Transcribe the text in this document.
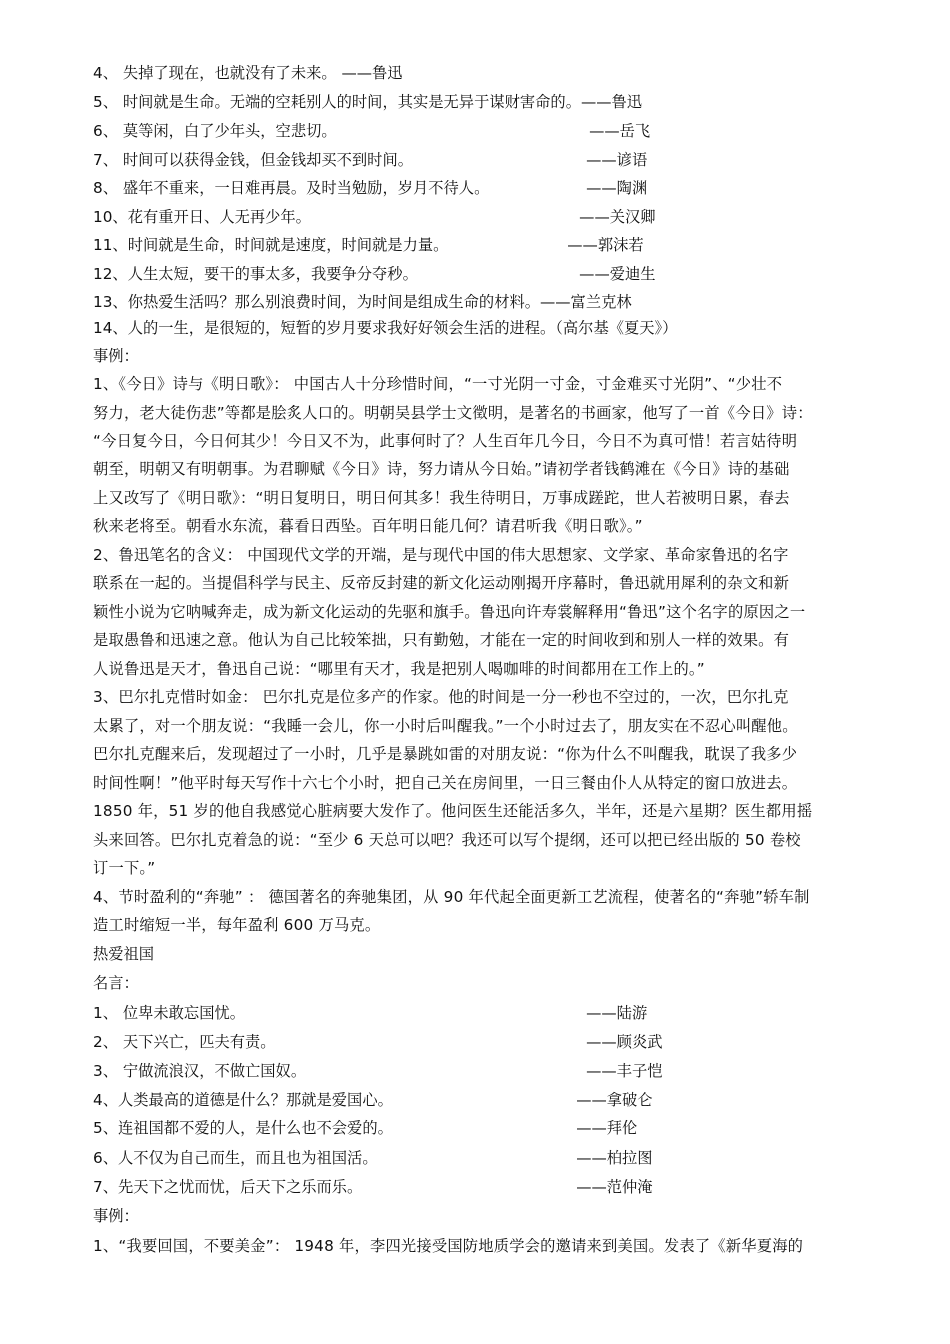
4、 失掉了现在，也就没有了未来。 ——鲁迅
5、 时间就是生命。无端的空耗别人的时间，其实是无异于谋财害命的。——鲁迅
6、 莫等闲，白了少年头，空悲切。	——岳飞
7、 时间可以获得金钱，但金钱却买不到时间。	——谚语
8、 盛年不重来，一日难再晨。及时当勉励，岁月不待人。	——陶渊
10、花有重开日、人无再少年。	——关汉卿
11、时间就是生命，时间就是速度，时间就是力量。	——郭沫若
12、人生太短，要干的事太多，我要争分夺秒。	——爱迪生
13、你热爱生活吗？那么别浪费时间，为时间是组成生命的材料。——富兰克林
14、人的一生，是很短的，短暂的岁月要求我好好领会生活的进程。（高尔基《夏天》）
事例：
1、《今日》诗与《明日歌》： 中国古人十分珍惜时间，“一寸光阴一寸金，寸金难买寸光阴”、“少壮不
努力，老大徒伤悲”等都是脍炙人口的。明朝吴县学士文徵明，是著名的书画家，他写了一首《今日》诗：
“今日复今日，今日何其少！今日又不为，此事何时了？人生百年几今日，今日不为真可惜！若言姑待明
朝至，明朝又有明朝事。为君聊赋《今日》诗，努力请从今日始。”请初学者钱鹤滩在《今日》诗的基础
上又改写了《明日歌》：“明日复明日，明日何其多！我生待明日，万事成蹉跎，世人若被明日累，春去
秋来老将至。朝看水东流，暮看日西坠。百年明日能几何？请君听我《明日歌》。”
2、鲁迅笔名的含义： 中国现代文学的开端，是与现代中国的伟大思想家、文学家、革命家鲁迅的名字
联系在一起的。当提倡科学与民主、反帝反封建的新文化运动刚揭开序幕时，鲁迅就用犀利的杂文和新
颖性小说为它呐喊奔走，成为新文化运动的先驱和旗手。鲁迅向许寿裳解释用“鲁迅”这个名字的原因之一
是取愚鲁和迅速之意。他认为自己比较笨拙，只有勤勉，才能在一定的时间收到和别人一样的效果。有
人说鲁迅是天才，鲁迅自己说：“哪里有天才，我是把别人喝咖啡的时间都用在工作上的。”
3、巴尔扎克惜时如金： 巴尔扎克是位多产的作家。他的时间是一分一秒也不空过的，一次，巴尔扎克
太累了，对一个朋友说：“我睡一会儿，你一小时后叫醒我。”一个小时过去了，朋友实在不忍心叫醒他。
巴尔扎克醒来后，发现超过了一小时，几乎是暴跳如雷的对朋友说：“你为什么不叫醒我，耽误了我多少
时间性啊！”他平时每天写作十六七个小时，把自己关在房间里，一日三餐由仆人从特定的窗口放进去。
1850 年，51 岁的他自我感觉心脏病要大发作了。他问医生还能活多久，半年，还是六星期？医生都用摇
头来回答。巴尔扎克着急的说：“至少 6 天总可以吧？我还可以写个提纲，还可以把已经出版的 50 卷校
订一下。”
4、节时盈利的“奔驰” ： 德国著名的奔驰集团，从 90 年代起全面更新工艺流程，使著名的“奔驰”轿车制
造工时缩短一半，每年盈利 600 万马克。
热爱祖国
名言：
1、 位卑未敢忘国忧。	——陆游
2、 天下兴亡，匹夫有责。	——顾炎武
3、 宁做流浪汉，不做亡国奴。	——丰子恺
4、人类最高的道德是什么？那就是爱国心。	——拿破仑
5、连祖国都不爱的人，是什么也不会爱的。	——拜伦
6、人不仅为自己而生，而且也为祖国活。	——柏拉图
7、先天下之忧而忧，后天下之乐而乐。	——范仲淹
事例：
1、“我要回国，不要美金”： 1948 年，李四光接受国防地质学会的邀请来到美国。发表了《新华夏海的
